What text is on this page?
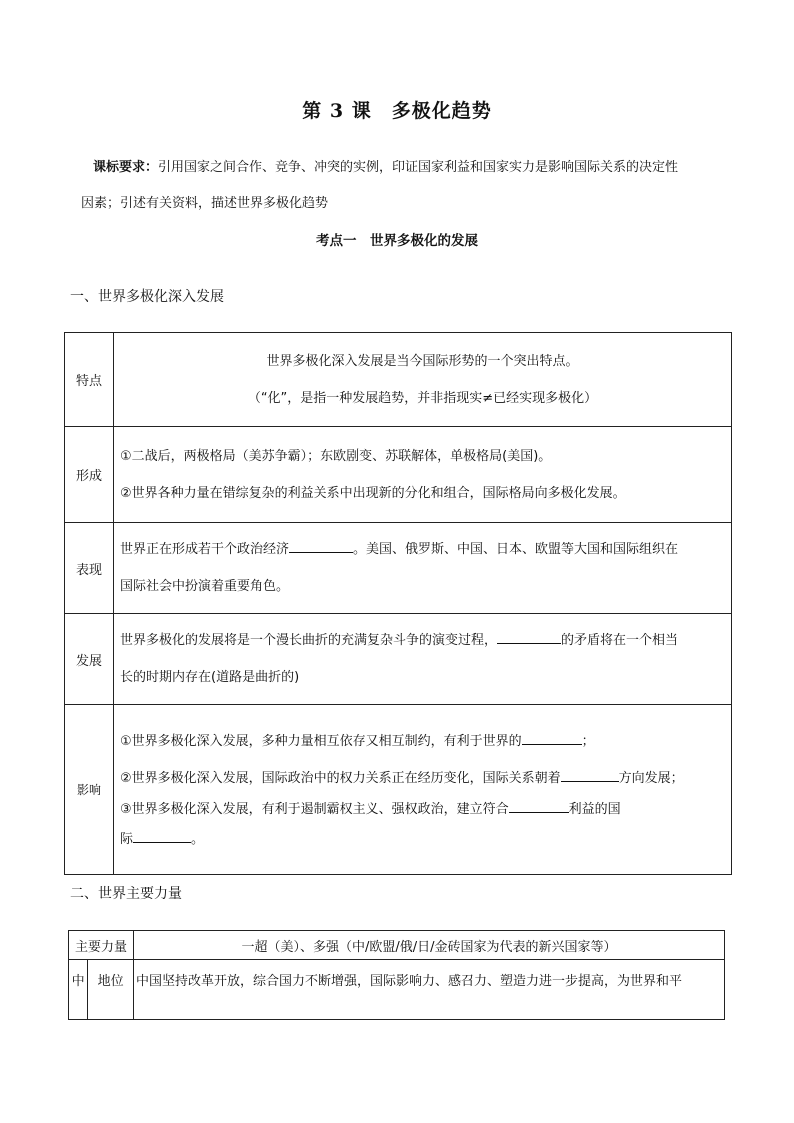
第 3 课　多极化趋势
课标要求：引用国家之间合作、竞争、冲突的实例，印证国家利益和国家实力是影响国际关系的决定性
因素；引述有关资料，描述世界多极化趋势
考点一　世界多极化的发展
一、世界多极化深入发展
特点	世界多极化深入发展是当今国际形势的一个突出特点。
（“化”，是指一种发展趋势，并非指现实≠已经实现多极化）

形成	①二战后，两极格局（美苏争霸）；东欧剧变、苏联解体，单极格局(美国)。
②世界各种力量在错综复杂的利益关系中出现新的分化和组合，国际格局向多极化发展。

表现	世界正在形成若干个政治经济 。美国、俄罗斯、中国、日本、欧盟等大国和国际组织在
国际社会中扮演着重要角色。

发展	世界多极化的发展将是一个漫长曲折的充满复杂斗争的演变过程， 的矛盾将在一个相当
长的时期内存在(道路是曲折的)

影响	①世界多极化深入发展，多种力量相互依存又相互制约，有利于世界的 ；
②世界多极化深入发展，国际政治中的权力关系正在经历变化，国际关系朝着 方向发展；
③世界多极化深入发展，有利于遏制霸权主义、强权政治，建立符合 利益的国
际 。
二、世界主要力量
主要力量		一超（美）、多强（中/欧盟/俄/日/金砖国家为代表的新兴国家等）
中	地位	中国坚持改革开放，综合国力不断增强，国际影响力、感召力、塑造力进一步提高，为世界和平
